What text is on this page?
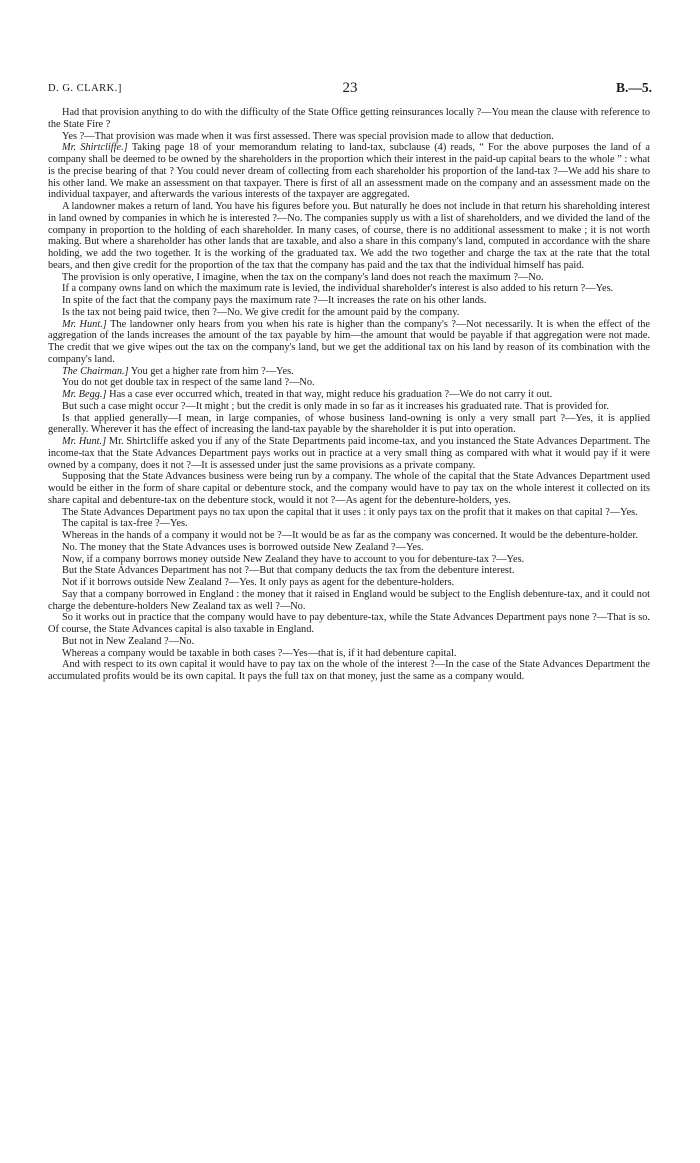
D. G. CLARK.]	23	B.—5.

Had that provision anything to do with the difficulty of the State Office getting reinsurances locally ?—You mean the clause with reference to the State Fire ?

Yes ?—That provision was made when it was first assessed. There was special provision made to allow that deduction.

Mr. Shirtcliffe.] Taking page 18 of your memorandum relating to land-tax, subclause (4) reads, “ For the above purposes the land of a company shall be deemed to be owned by the shareholders in the proportion which their interest in the paid-up capital bears to the whole ” : what is the precise bearing of that ? You could never dream of collecting from each shareholder his proportion of the land-tax ?—We add his share to his other land. We make an assessment on that taxpayer. There is first of all an assessment made on the company and an assessment made on the individual taxpayer, and afterwards the various interests of the taxpayer are aggregated.

A landowner makes a return of land. You have his figures before you. But naturally he does not include in that return his shareholding interest in land owned by companies in which he is interested ?—No. The companies supply us with a list of shareholders, and we divided the land of the company in proportion to the holding of each shareholder. In many cases, of course, there is no additional assessment to make ; it is not worth making. But where a shareholder has other lands that are taxable, and also a share in this company's land, computed in accordance with the share holding, we add the two together. It is the working of the graduated tax. We add the two together and charge the tax at the rate that the total bears, and then give credit for the proportion of the tax that the company has paid and the tax that the individual himself has paid.

The provision is only operative, I imagine, when the tax on the company's land does not reach the maximum ?—No.

If a company owns land on which the maximum rate is levied, the individual shareholder's interest is also added to his return ?—Yes.

In spite of the fact that the company pays the maximum rate ?—It increases the rate on his other lands.

Is the tax not being paid twice, then ?—No. We give credit for the amount paid by the company.

Mr. Hunt.] The landowner only hears from you when his rate is higher than the company's ?—Not necessarily. It is when the effect of the aggregation of the lands increases the amount of the tax payable by him—the amount that would be payable if that aggregation were not made. The credit that we give wipes out the tax on the company's land, but we get the additional tax on his land by reason of its combination with the company's land.

The Chairman.] You get a higher rate from him ?—Yes.

You do not get double tax in respect of the same land ?—No.

Mr. Begg.] Has a case ever occurred which, treated in that way, might reduce his graduation ?—We do not carry it out.

But such a case might occur ?—It might ; but the credit is only made in so far as it increases his graduated rate. That is provided for.

Is that applied generally—I mean, in large companies, of whose business land-owning is only a very small part ?—Yes, it is applied generally. Wherever it has the effect of increasing the land-tax payable by the shareholder it is put into operation.

Mr. Hunt.] Mr. Shirtcliffe asked you if any of the State Departments paid income-tax, and you instanced the State Advances Department. The income-tax that the State Advances Department pays works out in practice at a very small thing as compared with what it would pay if it were owned by a company, does it not ?—It is assessed under just the same provisions as a private company.

Supposing that the State Advances business were being run by a company. The whole of the capital that the State Advances Department used would be either in the form of share capital or debenture stock, and the company would have to pay tax on the whole interest it collected on its share capital and debenture-tax on the debenture stock, would it not ?—As agent for the debenture-holders, yes.

The State Advances Department pays no tax upon the capital that it uses : it only pays tax on the profit that it makes on that capital ?—Yes.

The capital is tax-free ?—Yes.

Whereas in the hands of a company it would not be ?—It would be as far as the company was concerned. It would be the debenture-holder.

No. The money that the State Advances uses is borrowed outside New Zealand ?—Yes.

Now, if a company borrows money outside New Zealand they have to account to you for debenture-tax ?—Yes.

But the State Advances Department has not ?—But that company deducts the tax from the debenture interest.

Not if it borrows outside New Zealand ?—Yes. It only pays as agent for the debenture-holders.

Say that a company borrowed in England : the money that it raised in England would be subject to the English debenture-tax, and it could not charge the debenture-holders New Zealand tax as well ?—No.

So it works out in practice that the company would have to pay debenture-tax, while the State Advances Department pays none ?—That is so. Of course, the State Advances capital is also taxable in England.

But not in New Zealand ?—No.

Whereas a company would be taxable in both cases ?—Yes—that is, if it had debenture capital.

And with respect to its own capital it would have to pay tax on the whole of the interest ?—In the case of the State Advances Department the accumulated profits would be its own capital. It pays the full tax on that money, just the same as a company would.
